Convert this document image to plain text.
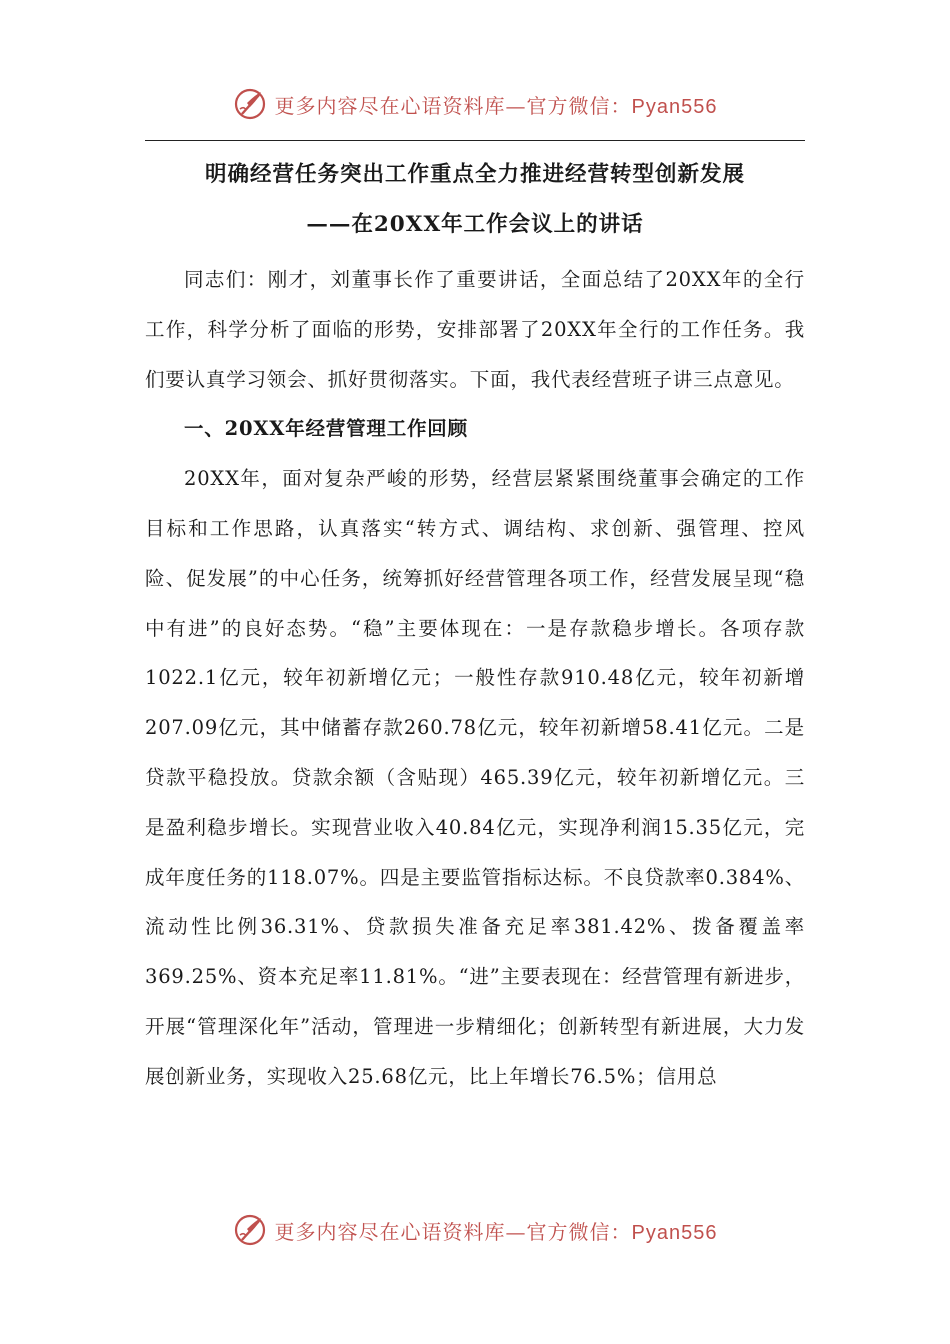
更多内容尽在心语资料库—官方微信：Pyan556
明确经营任务突出工作重点全力推进经营转型创新发展
——在20XX年工作会议上的讲话

同志们：刚才，刘董事长作了重要讲话，全面总结了20XX年的全行工作，科学分析了面临的形势，安排部署了20XX年全行的工作任务。我们要认真学习领会、抓好贯彻落实。下面，我代表经营班子讲三点意见。

一、20XX年经营管理工作回顾

20XX年，面对复杂严峻的形势，经营层紧紧围绕董事会确定的工作目标和工作思路，认真落实“转方式、调结构、求创新、强管理、控风险、促发展”的中心任务，统筹抓好经营管理各项工作，经营发展呈现“稳中有进”的良好态势。“稳”主要体现在：一是存款稳步增长。各项存款1022.1亿元，较年初新增亿元；一般性存款910.48亿元，较年初新增207.09亿元，其中储蓄存款260.78亿元，较年初新增58.41亿元。二是贷款平稳投放。贷款余额（含贴现）465.39亿元，较年初新增亿元。三是盈利稳步增长。实现营业收入40.84亿元，实现净利润15.35亿元，完成年度任务的118.07%。四是主要监管指标达标。不良贷款率0.384%、流动性比例36.31%、贷款损失准备充足率381.42%、拨备覆盖率369.25%、资本充足率11.81%。“进”主要表现在：经营管理有新进步，开展“管理深化年”活动，管理进一步精细化；创新转型有新进展，大力发展创新业务，实现收入25.68亿元，比上年增长76.5%；信用总

更多内容尽在心语资料库—官方微信：Pyan556
